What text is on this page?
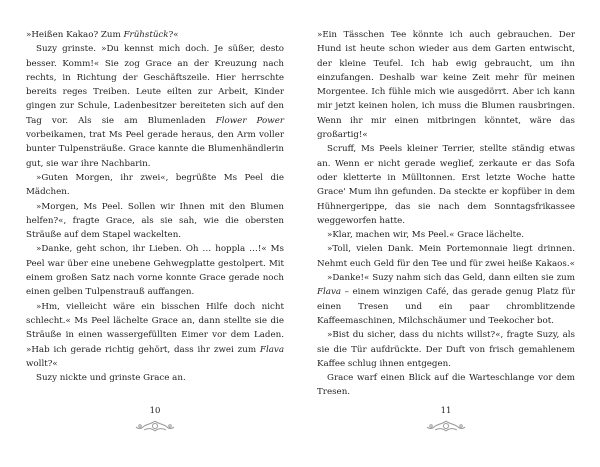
»Heißen Kakao? Zum Frühstück?«

Suzy grinste. »Du kennst mich doch. Je süßer, desto besser. Komm!« Sie zog Grace an der Kreuzung nach rechts, in Richtung der Geschäftszeile. Hier herrschte bereits reges Treiben. Leute eilten zur Arbeit, Kinder gingen zur Schule, Ladenbesitzer bereiteten sich auf den Tag vor. Als sie am Blumenladen Flower Power vorbeikamen, trat Ms Peel gerade heraus, den Arm voller bunter Tulpensträuße. Grace kannte die Blumenhändlerin gut, sie war ihre Nachbarin.

»Guten Morgen, ihr zwei«, begrüßte Ms Peel die Mädchen.

»Morgen, Ms Peel. Sollen wir Ihnen mit den Blumen helfen?«, fragte Grace, als sie sah, wie die obersten Sträuße auf dem Stapel wackelten.

»Danke, geht schon, ihr Lieben. Oh … hoppla …!« Ms Peel war über eine unebene Gehwegplatte gestolpert. Mit einem großen Satz nach vorne konnte Grace gerade noch einen gelben Tulpenstrauß auffangen.

»Hm, vielleicht wäre ein bisschen Hilfe doch nicht schlecht.« Ms Peel lächelte Grace an, dann stellte sie die Sträuße in einen wassergefüllten Eimer vor dem Laden. »Hab ich gerade richtig gehört, dass ihr zwei zum Flava wollt?«

Suzy nickte und grinste Grace an.

»Ein Tässchen Tee könnte ich auch gebrauchen. Der Hund ist heute schon wieder aus dem Garten entwischt, der kleine Teufel. Ich hab ewig gebraucht, um ihn einzufangen. Deshalb war keine Zeit mehr für meinen Morgentee. Ich fühle mich wie ausgedörrt. Aber ich kann mir jetzt keinen holen, ich muss die Blumen rausbringen. Wenn ihr mir einen mitbringen könntet, wäre das großartig!«

Scruff, Ms Peels kleiner Terrier, stellte ständig etwas an. Wenn er nicht gerade weglief, zerkaute er das Sofa oder kletterte in Mülltonnen. Erst letzte Woche hatte Grace' Mum ihn gefunden. Da steckte er kopfüber in dem Hühnergerippe, das sie nach dem Sonntagsfrikassee weggeworfen hatte.

»Klar, machen wir, Ms Peel.« Grace lächelte.

»Toll, vielen Dank. Mein Portemonnaie liegt drinnen. Nehmt euch Geld für den Tee und für zwei heiße Kakaos.«

»Danke!« Suzy nahm sich das Geld, dann eilten sie zum Flava – einem winzigen Café, das gerade genug Platz für einen Tresen und ein paar chromblitzende Kaffeemaschinen, Milchschäumer und Teekocher bot.

»Bist du sicher, dass du nichts willst?«, fragte Suzy, als sie die Tür aufdrückte. Der Duft von frisch gemahlenem Kaffee schlug ihnen entgegen.

Grace warf einen Blick auf die Warteschlange vor dem Tresen.

10	11
